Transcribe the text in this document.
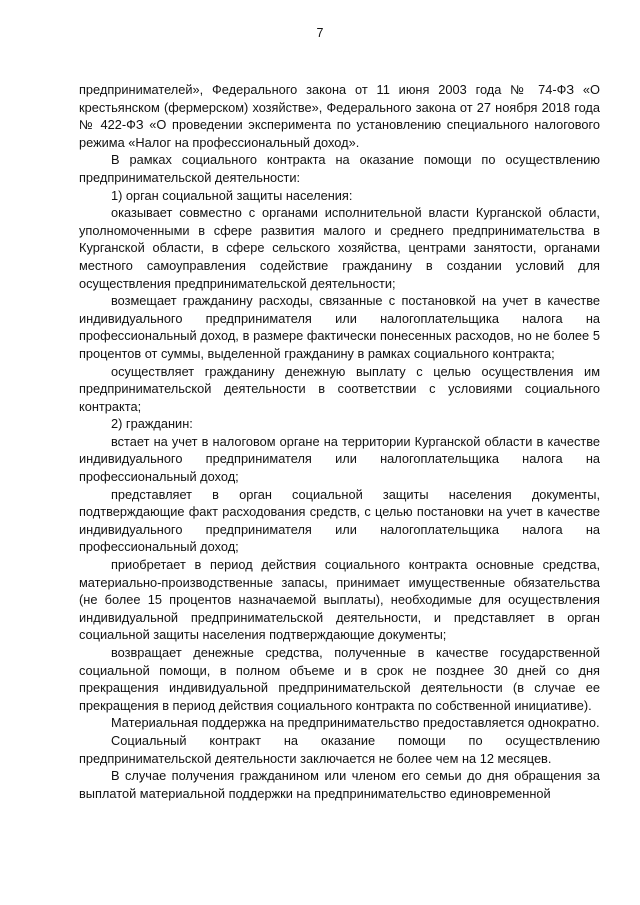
7

предпринимателей», Федерального закона от 11 июня 2003 года № 74-ФЗ «О крестьянском (фермерском) хозяйстве», Федерального закона от 27 ноября 2018 года № 422-ФЗ «О проведении эксперимента по установлению специального налогового режима «Налог на профессиональный доход».

В рамках социального контракта на оказание помощи по осуществлению предпринимательской деятельности:

1) орган социальной защиты населения:

оказывает совместно с органами исполнительной власти Курганской области, уполномоченными в сфере развития малого и среднего предпринимательства в Курганской области, в сфере сельского хозяйства, центрами занятости, органами местного самоуправления содействие гражданину в создании условий для осуществления предпринимательской деятельности;

возмещает гражданину расходы, связанные с постановкой на учет в качестве индивидуального предпринимателя или налогоплательщика налога на профессиональный доход, в размере фактически понесенных расходов, но не более 5 процентов от суммы, выделенной гражданину в рамках социального контракта;

осуществляет гражданину денежную выплату с целью осуществления им предпринимательской деятельности в соответствии с условиями социального контракта;

2) гражданин:

встает на учет в налоговом органе на территории Курганской области в качестве индивидуального предпринимателя или налогоплательщика налога на профессиональный доход;

представляет в орган социальной защиты населения документы, подтверждающие факт расходования средств, с целью постановки на учет в качестве индивидуального предпринимателя или налогоплательщика налога на профессиональный доход;

приобретает в период действия социального контракта основные средства, материально-производственные запасы, принимает имущественные обязательства (не более 15 процентов назначаемой выплаты), необходимые для осуществления индивидуальной предпринимательской деятельности, и представляет в орган социальной защиты населения подтверждающие документы;

возвращает денежные средства, полученные в качестве государственной социальной помощи, в полном объеме и в срок не позднее 30 дней со дня прекращения индивидуальной предпринимательской деятельности (в случае ее прекращения в период действия социального контракта по собственной инициативе).

Материальная поддержка на предпринимательство предоставляется однократно.

Социальный контракт на оказание помощи по осуществлению предпринимательской деятельности заключается не более чем на 12 месяцев.

В случае получения гражданином или членом его семьи до дня обращения за выплатой материальной поддержки на предпринимательство единовременной
